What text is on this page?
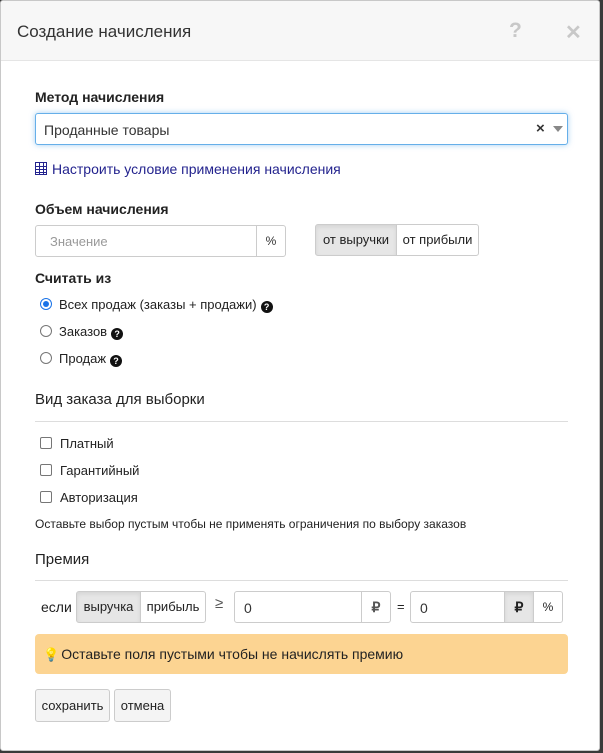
Создание начисления	? ✕
Метод начисления
Проданные товары	×
Настроить условие применения начисления
Объем начисления
Значение	%	от выручки	от прибыли
Считать из
Всех продаж (заказы + продажи) ?
Заказов ?
Продаж ?
Вид заказа для выборки
Платный
Гарантийный
Авторизация
Оставьте выбор пустым чтобы не применять ограничения по выбору заказов
Премия
если выручка	прибыль	≥	0	₽	=	0	₽	%
💡 Оставьте поля пустыми чтобы не начислять премию
сохранить	отмена
